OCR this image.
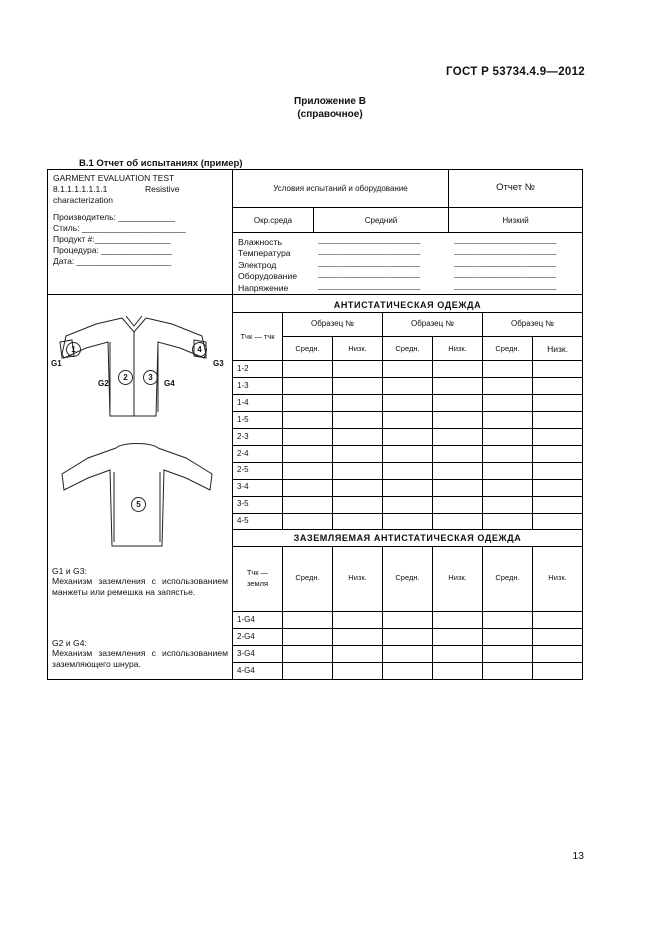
ГОСТ Р 53734.4.9—2012
Приложение В
(справочное)
В.1 Отчет об испытаниях (пример)
GARMENT EVALUATION TEST
8.1.1.1.1.1.1.1	Resistive
characterization
Производитель: ____________
Стиль: ______________________
Продукт #:________________
Процедура: _______________
Дата: ____________________
Условия испытаний и оборудование	Отчет №
Окр.среда	Средний	Низкий
Влажность	_______________________	_______________________
Температура	_______________________	_______________________
Электрод	_______________________	_______________________
Оборудование	_______________________	_______________________
Напряжение	_______________________	_______________________
1	4
2	3
5
G1	G3
G2	G4
АНТИСТАТИЧЕСКАЯ ОДЕЖДА
Тчк — тчк
Образец №	Образец №	Образец №
Средн.	Низк.	Средн.	Низк.	Средн.	Низк.
1-2
1-3
1-4
1-5
2-3
2-4
2-5
3-4
3-5
4-5
ЗАЗЕМЛЯЕМАЯ АНТИСТАТИЧЕСКАЯ ОДЕЖДА
Тчк —
земля
Средн.	Низк.	Средн.	Низк.	Средн.	Низк.
1-G4
2-G4
3-G4
4-G4
G1 и G3:
Механизм заземления с использованием манжеты или ремешка на запястье.
G2 и G4:
Механизм заземления с использованием заземляющего шнура.
13
